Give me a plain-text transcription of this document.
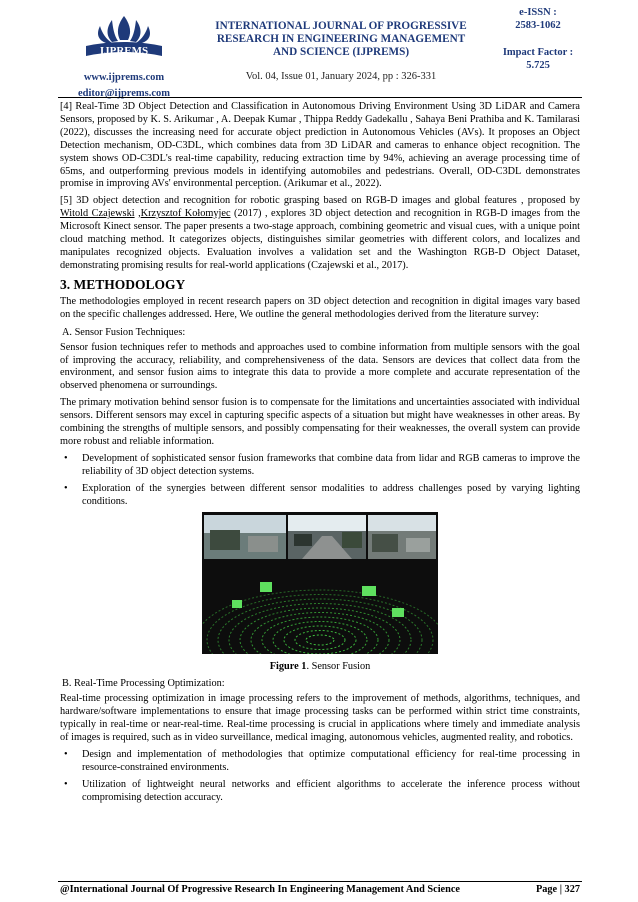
IJPREMS
www.ijprems.com
editor@ijprems.com
INTERNATIONAL JOURNAL OF PROGRESSIVE RESEARCH IN ENGINEERING MANAGEMENT AND SCIENCE (IJPREMS)
Vol. 04, Issue 01, January 2024, pp : 326-331
e-ISSN :
2583-1062
Impact Factor :
5.725

[4] Real-Time 3D Object Detection and Classification in Autonomous Driving Environment Using 3D LiDAR and Camera Sensors, proposed by K. S. Arikumar , A. Deepak Kumar , Thippa Reddy Gadekallu , Sahaya Beni Prathiba and K. Tamilarasi (2022), discusses the increasing need for accurate object prediction in Autonomous Vehicles (AVs). It proposes an Object Detection mechanism, OD-C3DL, which combines data from 3D LiDAR and cameras to enhance object recognition. The system shows OD-C3DL's real-time capability, reducing extraction time by 94%, achieving an average processing time of 65ms, and outperforming previous models in identifying automobiles and pedestrians. Overall, OD-C3DL demonstrates promise in improving AVs' environmental perception. (Arikumar et al., 2022).

[5] 3D object detection and recognition for robotic grasping based on RGB-D images and global features , proposed by Witold Czajewski ,Krzysztof Kołomyjec (2017) , explores 3D object detection and recognition in RGB-D images from the Microsoft Kinect sensor. The paper presents a two-stage approach, combining geometric and visual cues, with a unique point cloud matching method. It categorizes objects, distinguishes similar geometries with different colors, and localizes and manipulates recognized objects. Evaluation involves a validation set and the Washington RGB-D Object Dataset, demonstrating promising results for real-world applications (Czajewski et al., 2017).

3. METHODOLOGY

The methodologies employed in recent research papers on 3D object detection and recognition in digital images vary based on the specific challenges addressed. Here, We outline the general methodologies derived from the literature survey:

A. Sensor Fusion Techniques:

Sensor fusion techniques refer to methods and approaches used to combine information from multiple sensors with the goal of improving the accuracy, reliability, and comprehensiveness of the data. Sensors are devices that collect data from the environment, and sensor fusion aims to integrate this data to provide a more complete and accurate representation of the observed phenomena or surroundings.

The primary motivation behind sensor fusion is to compensate for the limitations and uncertainties associated with individual sensors. Different sensors may excel in capturing specific aspects of a situation but might have weaknesses in other areas. By combining the strengths of multiple sensors, and possibly compensating for their weaknesses, the overall system can provide more robust and reliable information.

• Development of sophisticated sensor fusion frameworks that combine data from lidar and RGB cameras to improve the reliability of 3D object detection systems.
• Exploration of the synergies between different sensor modalities to address challenges posed by varying lighting conditions.
Figure 1. Sensor Fusion
B. Real-Time Processing Optimization:

Real-time processing optimization in image processing refers to the improvement of methods, algorithms, techniques, and hardware/software implementations to ensure that image processing tasks can be performed within strict time constraints, typically in real-time or near-real-time. Real-time processing is crucial in applications where timely and immediate analysis of images is required, such as in video surveillance, medical imaging, autonomous vehicles, augmented reality, and robotics.

• Design and implementation of methodologies that optimize computational efficiency for real-time processing in resource-constrained environments.
• Utilization of lightweight neural networks and efficient algorithms to accelerate the inference process without compromising detection accuracy.
@International Journal Of Progressive Research In Engineering Management And Science	Page | 327
